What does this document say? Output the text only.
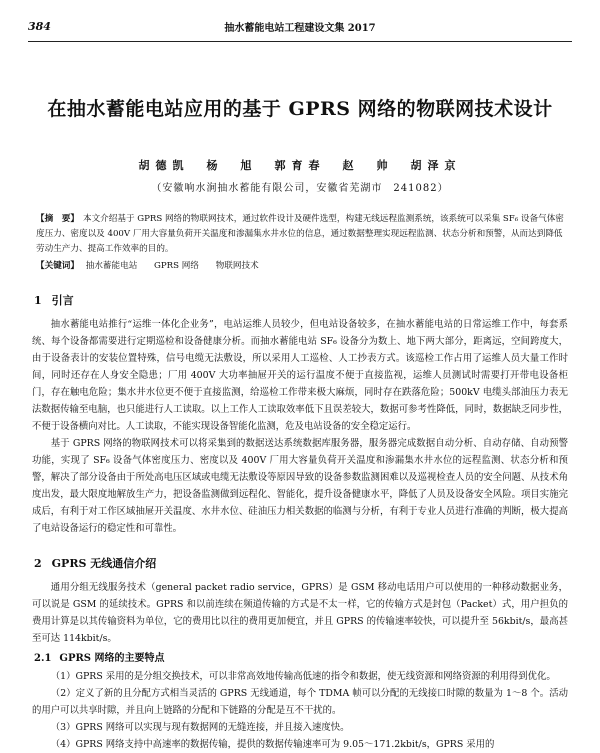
384	抽水蓄能电站工程建设文集 2017
在抽水蓄能电站应用的基于 GPRS 网络的物联网技术设计
胡德凯　杨　旭　郭育春　赵　帅　胡泽京
（安徽响水涧抽水蓄能有限公司，安徽省芜湖市　241082）
【摘　要】 本文介绍基于 GPRS 网络的物联网技术，通过软件设计及硬件选型，构建无线远程监测系统，该系统可以采集 SF₆ 设备气体密度压力、密度以及 400V 厂用大容量负荷开关温度和渗漏集水井水位的信息，通过数据整理实现远程监测、状态分析和预警，从而达到降低劳动生产力、提高工作效率的目的。
【关键词】 抽水蓄能电站 GPRS 网络 物联网技术
1 引言

抽水蓄能电站推行“运维一体化企业务”，电站运维人员较少，但电站设备较多，在抽水蓄能电站的日常运维工作中，每套系统、每个设备都需要进行定期巡检和设备健康分析。而抽水蓄能电站 SF₆ 设备分为数上、地下两大部分，距离远，空间跨度大，由于设备表计的安装位置特殊，信号电缆无法敷设，所以采用人工巡检、人工抄表方式。该巡检工作占用了运维人员大量工作时间，同时还存在人身安全隐患；厂用 400V 大功率抽屉开关的运行温度不便于直接监视，运维人员测试时需要打开带电设备柜门，存在触电危险；集水井水位更不便于直接监测，给巡检工作带来极大麻烦，同时存在跌落危险；500kV 电缆头部油压力表无法数据传输至电脑，也只能进行人工读取。以上工作人工读取效率低下且误差较大，数据可参考性降低，同时，数据缺乏同步性，不便于设备横向对比。人工读取，不能实现设备智能化监测，危及电站设备的安全稳定运行。

基于 GPRS 网络的物联网技术可以将采集到的数据送达系统数据库服务器，服务器完成数据自动分析、自动存储、自动预警功能，实现了 SF₆ 设备气体密度压力、密度以及 400V 厂用大容量负荷开关温度和渗漏集水井水位的远程监测、状态分析和预警，解决了部分设备由于所处高电压区域或电缆无法敷设等原因导致的设备参数监测困难以及巡视检查人员的安全问题、从技术角度出发，最大限度地解放生产力，把设备监测做到远程化、智能化，提升设备健康水平，降低了人员及设备安全风险。项目实施完成后，有利于对工作区域抽屉开关温度、水井水位、硅油压力相关数据的临测与分析，有利于专业人员进行准确的判断，极大提高了电站设备运行的稳定性和可靠性。

2 GPRS 无线通信介绍

通用分组无线服务技术（general packet radio service，GPRS）是 GSM 移动电话用户可以使用的一种移动数据业务，可以说是 GSM 的延续技术。GPRS 和以前连续在频道传输的方式是不太一样，它的传输方式是封包（Packet）式，用户担负的费用计算是以其传输资料为单位，它的费用比以往的费用更加便宜，并且 GPRS 的传输速率较快，可以提升至 56kbit/s，最高甚至可达 114kbit/s。

2.1 GPRS 网络的主要特点

（1）GPRS 采用的是分组交换技术，可以非常高效地传输高低速的指令和数据，使无线资源和网络资源的利用得到优化。

（2）定义了新的且分配方式相当灵活的 GPRS 无线通道，每个 TDMA 帧可以分配的无线接口时隙的数量为 1～8 个。活动的用户可以共享时隙，并且向上链路的分配和下链路的分配是互不干扰的。

（3）GPRS 网络可以实现与现有数据网的无缝连接，并且接入速度快。

（4）GPRS 网络支持中高速率的数据传输，提供的数据传输速率可为 9.05～171.2kbit/s，GPRS 采用的
